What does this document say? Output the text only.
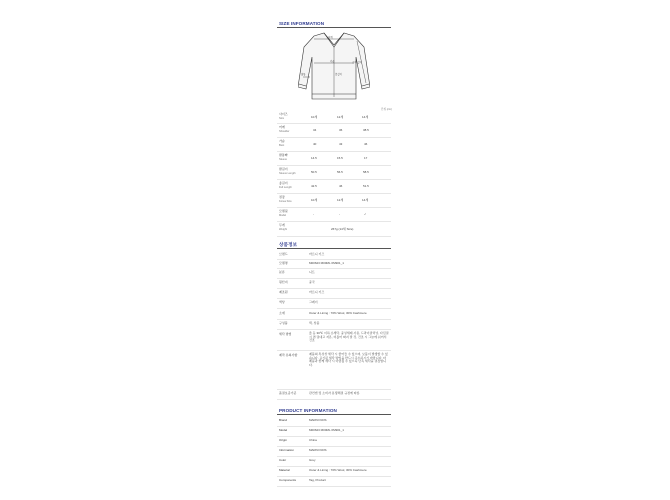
SIZE INFORMATION
어깨
가슴	소매 길이
총길이
팔통
단위 (cm)
사이즈
Size	10세	12세	14세
어깨
Shoulder	34	36	38.5
가슴
Bust	40	43	46
팔통빠
Sleeve	14.5	15.5	17
팔길이
Sleeve Length	50.5	56.5	58.5
총길이
Full Length	42.5	46	51.5
권장
Korea Size	10세	12세	14세
모델핏
Model	-	-	✓
무게
Weight	267g (14세 Size)
상품정보
브랜드	마르니 키즈
모델명	M00623 M00ML 0M901_1
분류	니트
원산지	중국
제조원	마르니 키즈
색상	그레이
소재	Outer & Lining : 70% Wool, 30% Cashmere
구성품	택, 상품
세탁 방법	울 등 30℃ 이하 손세탁, 중성세제 사용, 드라이클리닝, 다림질 시 면 덧대고 저온, 비틀어 짜지 말 것, 건조 시 그늘에 뉘어서 건조
제작 유의사항	제품의 특성상 세탁 시 줄어들 수 있으며, 보풀이 발생할 수 있습니다. 표기된 세탁 방법을 반드시 준수하시기 바랍니다. 타 제품과 함께 세탁 시 이염될 수 있으니 단독 세탁을 권장합니다.
품질보증기준	관련법 및 소비자 분쟁해결 규정에 따름
PRODUCT INFORMATION
Brand	MARNI KIDS
Model	M00623 M00ML 0M901_1
Origin	China
Information	MARNI KIDS
Color	Grey
Material	Outer & Lining : 70% Wool, 30% Cashmere
Components	Tag, Product
